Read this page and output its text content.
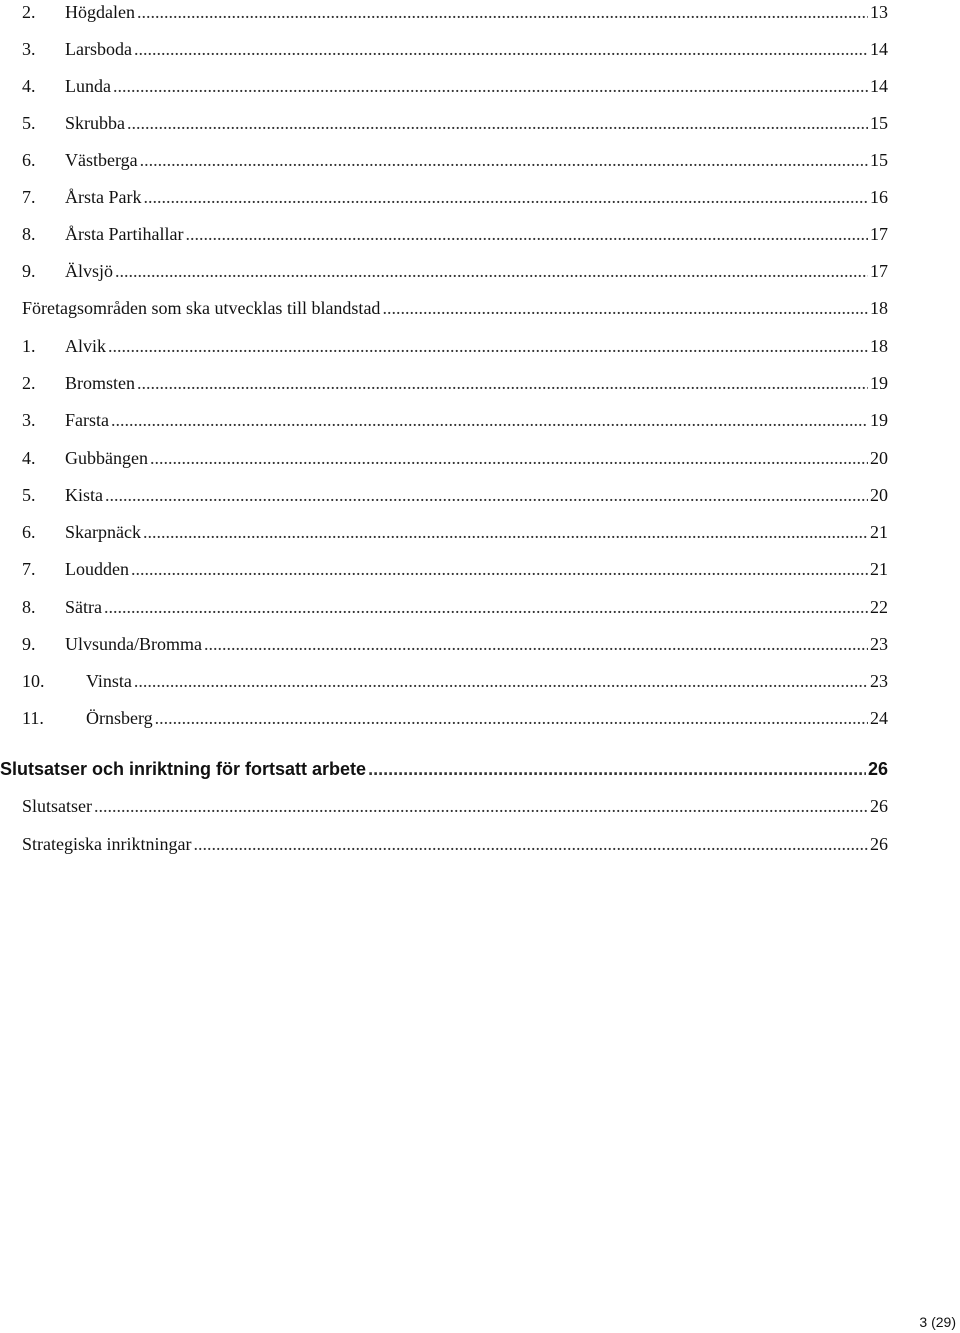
2.	Högdalen .....	13
3.	Larsboda .....	14
4.	Lunda .....	14
5.	Skrubba .....	15
6.	Västberga .....	15
7.	Årsta Park .....	16
8.	Årsta Partihallar .....	17
9.	Älvsjö .....	17
Företagsområden som ska utvecklas till blandstad .....	18
1.	Alvik .....	18
2.	Bromsten .....	19
3.	Farsta .....	19
4.	Gubbängen .....	20
5.	Kista .....	20
6.	Skarpnäck .....	21
7.	Loudden .....	21
8.	Sätra .....	22
9.	Ulvsunda/Bromma .....	23
10.	Vinsta .....	23
11.	Örnsberg .....	24
Slutsatser och inriktning för fortsatt arbete .....	26
Slutsatser .....	26
Strategiska inriktningar .....	26
3 (29)
